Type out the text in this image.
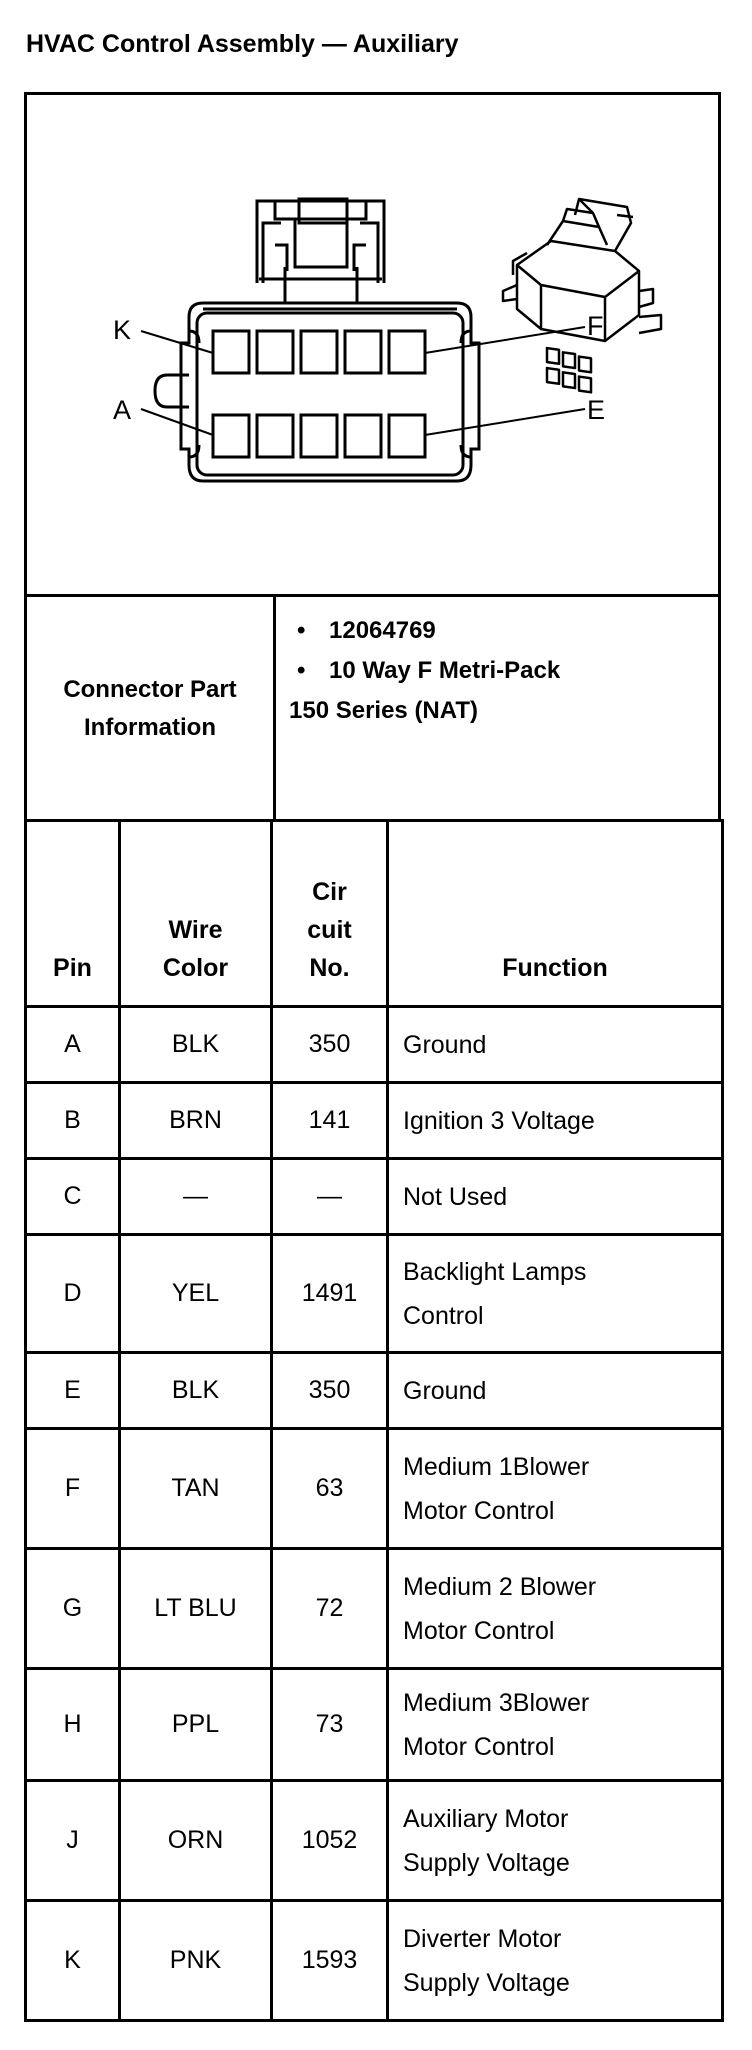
HVAC Control Assembly — Auxiliary
K
A
F
E
Connector Part Information
• 12064769
• 10 Way F Metri-Pack
150 Series (NAT)
Pin	Wire Color	Cir cuit No.	Function
A	BLK	350	Ground
B	BRN	141	Ignition 3 Voltage
C	—	—	Not Used
D	YEL	1491	Backlight Lamps Control
E	BLK	350	Ground
F	TAN	63	Medium 1Blower Motor Control
G	LT BLU	72	Medium 2 Blower Motor Control
H	PPL	73	Medium 3Blower Motor Control
J	ORN	1052	Auxiliary Motor Supply Voltage
K	PNK	1593	Diverter Motor Supply Voltage
